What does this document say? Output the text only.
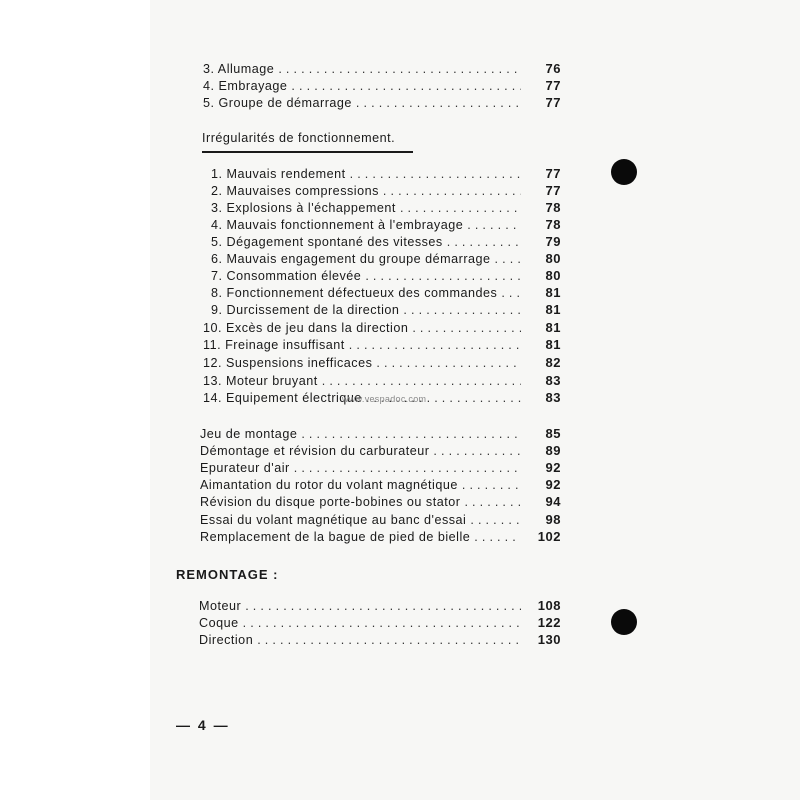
3. Allumage . . .	76
4. Embrayage . . .	77
5. Groupe de démarrage . . .	77
Irrégularités de fonctionnement.
1. Mauvais rendement . . .	77
2. Mauvaises compressions . . .	77
3. Explosions à l'échappement . . .	78
4. Mauvais fonctionnement à l'embrayage . . .	78
5. Dégagement spontané des vitesses . . .	79
6. Mauvais engagement du groupe démarrage . . .	80
7. Consommation élevée . . .	80
8. Fonctionnement défectueux des commandes . . .	81
9. Durcissement de la direction . . .	81
10. Excès de jeu dans la direction . . .	81
11. Freinage insuffisant . . .	81
12. Suspensions inefficaces . . .	82
13. Moteur bruyant . . .	83
14. Equipement électrique . . .	83
www.vespadoc.com
Jeu de montage . . .	85
Démontage et révision du carburateur . . .	89
Epurateur d'air . . .	92
Aimantation du rotor du volant magnétique . . .	92
Révision du disque porte-bobines ou stator . . .	94
Essai du volant magnétique au banc d'essai . . .	98
Remplacement de la bague de pied de bielle . . .	102
REMONTAGE :
Moteur . . .	108
Coque . . .	122
Direction . . .	130
— 4 —
